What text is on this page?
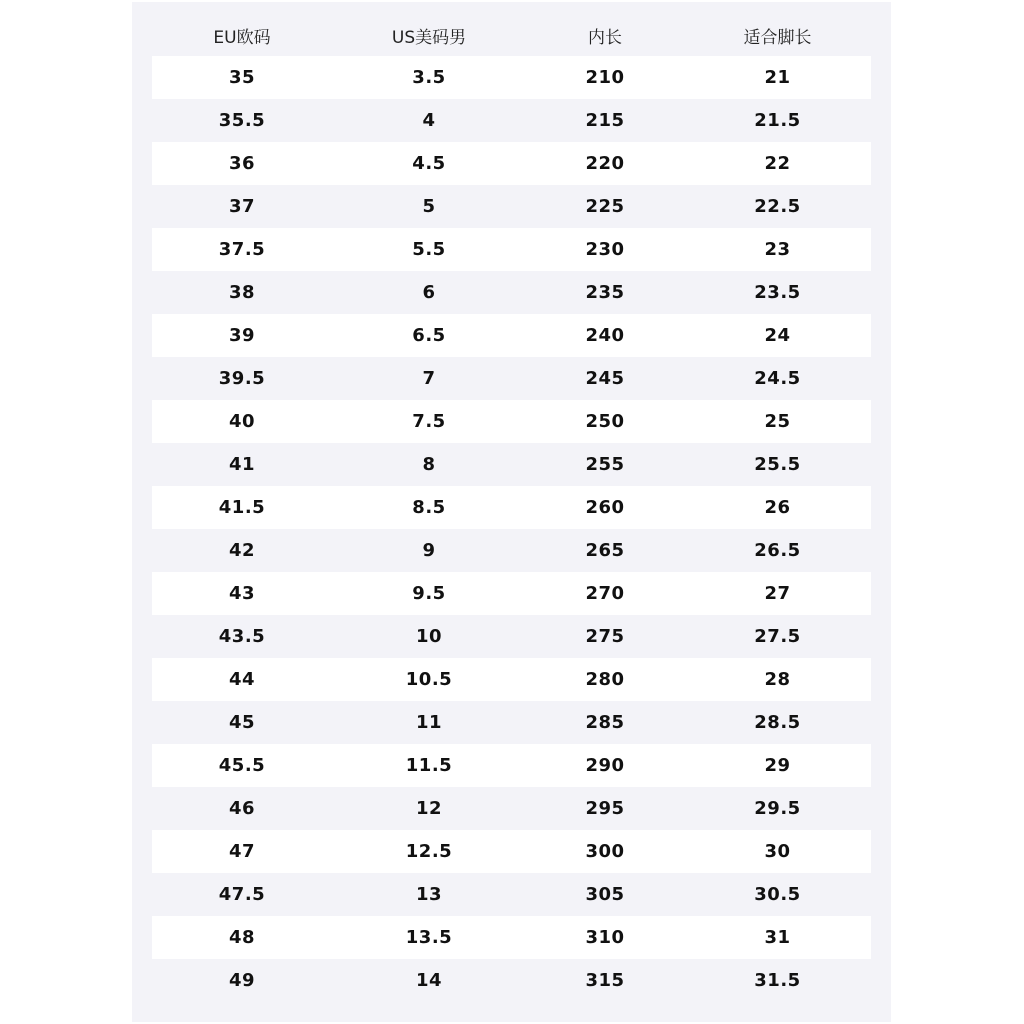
EU欧码	US美码男	内长	适合脚长
35	3.5	210	21
35.5	4	215	21.5
36	4.5	220	22
37	5	225	22.5
37.5	5.5	230	23
38	6	235	23.5
39	6.5	240	24
39.5	7	245	24.5
40	7.5	250	25
41	8	255	25.5
41.5	8.5	260	26
42	9	265	26.5
43	9.5	270	27
43.5	10	275	27.5
44	10.5	280	28
45	11	285	28.5
45.5	11.5	290	29
46	12	295	29.5
47	12.5	300	30
47.5	13	305	30.5
48	13.5	310	31
49	14	315	31.5
